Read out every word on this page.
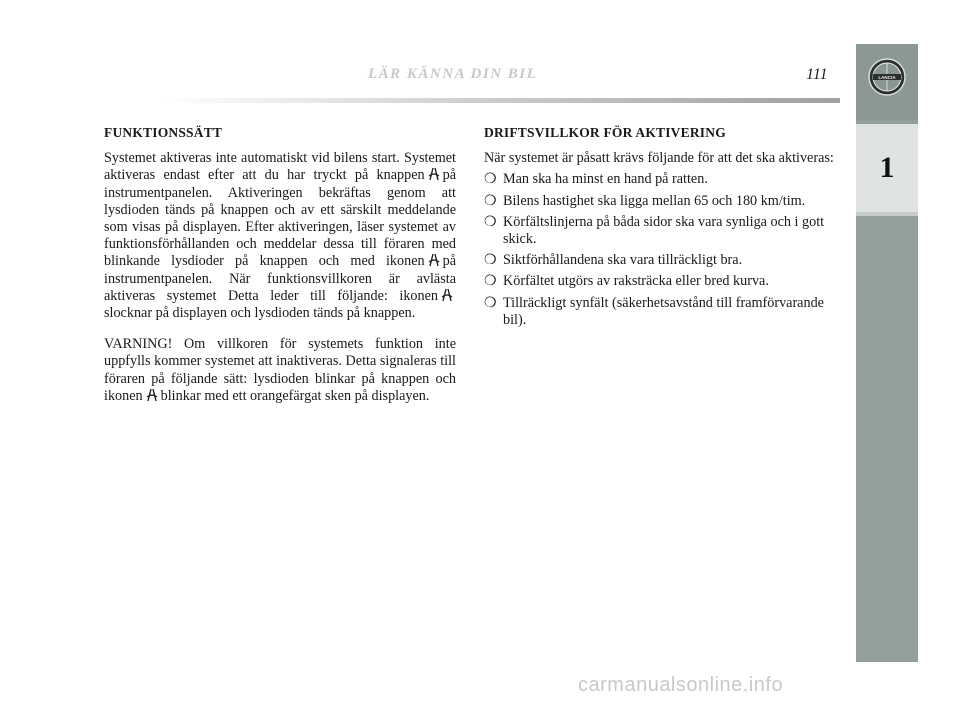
LÄR KÄNNA DIN BIL	111	LANCIA
1
FUNKTIONSSÄTT

Systemet aktiveras inte automatiskt vid bilens start. Systemet aktiveras endast efter att du har tryckt på knappen på instrumentpanelen. Aktiveringen bekräftas genom att lysdioden tänds på knappen och av ett särskilt meddelande som visas på displayen. Efter aktiveringen, läser systemet av funktionsförhållanden och meddelar dessa till föraren med blinkande lysdioder på knappen och med ikonen på instrumentpanelen. När funktionsvillkoren är avlästa aktiveras systemet Detta leder till följande: ikonenslocknar på displayen och lysdioden tänds på knappen.

VARNING! Om villkoren för systemets funktion inte uppfylls kommer systemet att inaktiveras. Detta signaleras till föraren på följande sätt: lysdioden blinkar på knappen och ikonen blinkar med ett orangefärgat sken på displayen.

DRIFTSVILLKOR FÖR AKTIVERING

När systemet är påsatt krävs följande för att det ska aktiveras:

❍ Man ska ha minst en hand på ratten.
❍ Bilens hastighet ska ligga mellan 65 och 180 km/tim.
❍ Körfältslinjerna på båda sidor ska vara synliga och i gott skick.
❍ Siktförhållandena ska vara tillräckligt bra.
❍ Körfältet utgörs av raksträcka eller bred kurva.
❍ Tillräckligt synfält (säkerhetsavstånd till framförvarande bil).
carmanualsonline.info
